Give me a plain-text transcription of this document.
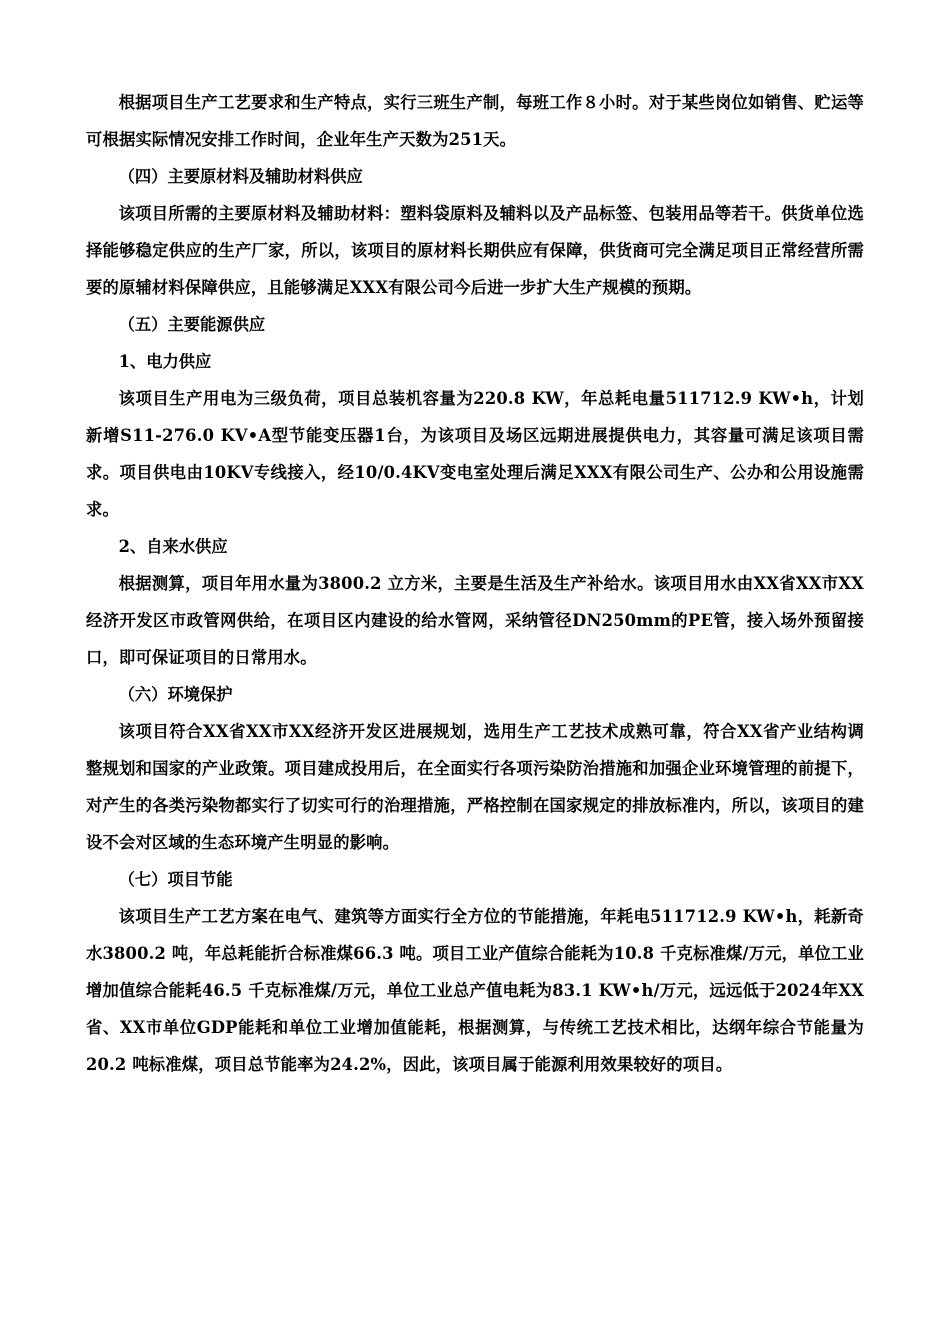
根据项目生产工艺要求和生产特点，实行三班生产制，每班工作８小时。对于某些岗位如销售、贮运等可根据实际情况安排工作时间，企业年生产天数为251天。

（四）主要原材料及辅助材料供应

该项目所需的主要原材料及辅助材料：塑料袋原料及辅料以及产品标签、包装用品等若干。供货单位选择能够稳定供应的生产厂家，所以，该项目的原材料长期供应有保障，供货商可完全满足项目正常经营所需要的原辅材料保障供应，且能够满足XXX有限公司今后进一步扩大生产规模的预期。

（五）主要能源供应

1、电力供应

该项目生产用电为三级负荷，项目总装机容量为220.8 KW，年总耗电量511712.9 KW•h，计划新增S11-276.0 KV•A型节能变压器1台，为该项目及场区远期进展提供电力，其容量可满足该项目需求。项目供电由10KV专线接入，经10/0.4KV变电室处理后满足XXX有限公司生产、公办和公用设施需求。

2、自来水供应

根据测算，项目年用水量为3800.2 立方米，主要是生活及生产补给水。该项目用水由XX省XX市XX经济开发区市政管网供给，在项目区内建设的给水管网，采纳管径DN250mm的PE管，接入场外预留接口，即可保证项目的日常用水。

（六）环境保护

该项目符合XX省XX市XX经济开发区进展规划，选用生产工艺技术成熟可靠，符合XX省产业结构调整规划和国家的产业政策。项目建成投用后，在全面实行各项污染防治措施和加强企业环境管理的前提下，对产生的各类污染物都实行了切实可行的治理措施，严格控制在国家规定的排放标准内，所以，该项目的建设不会对区域的生态环境产生明显的影响。

（七）项目节能

该项目生产工艺方案在电气、建筑等方面实行全方位的节能措施，年耗电511712.9 KW•h，耗新奇水3800.2 吨，年总耗能折合标准煤66.3 吨。项目工业产值综合能耗为10.8 千克标准煤/万元，单位工业增加值综合能耗46.5 千克标准煤/万元，单位工业总产值电耗为83.1 KW•h/万元，远远低于2024年XX省、XX市单位GDP能耗和单位工业增加值能耗，根据测算，与传统工艺技术相比，达纲年综合节能量为20.2 吨标准煤，项目总节能率为24.2%，因此，该项目属于能源利用效果较好的项目。
